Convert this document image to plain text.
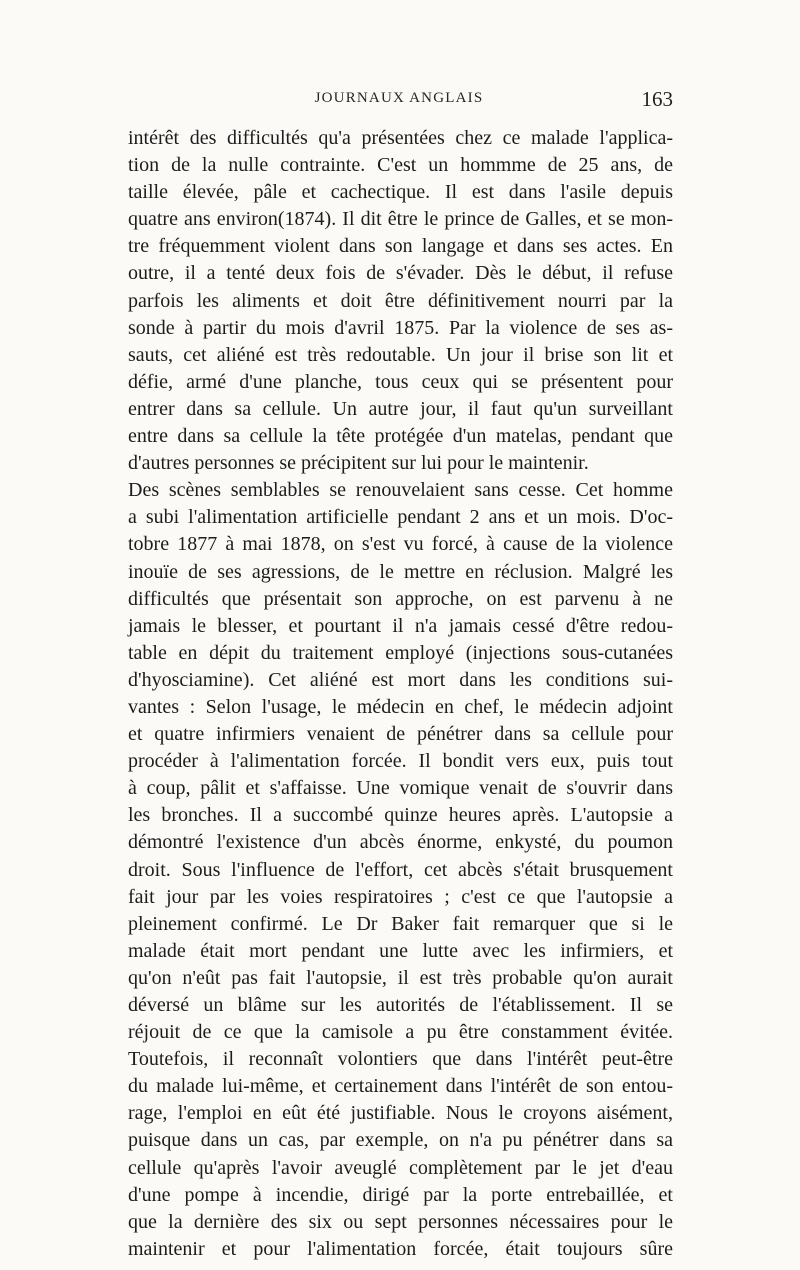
JOURNAUX ANGLAIS	163
intérêt des difficultés qu'a présentées chez ce malade l'applica-
tion de la nulle contrainte. C'est un hommme de 25 ans, de
taille élevée, pâle et cachectique. Il est dans l'asile depuis
quatre ans environ(1874). Il dit être le prince de Galles, et se mon-
tre fréquemment violent dans son langage et dans ses actes. En
outre, il a tenté deux fois de s'évader. Dès le début, il refuse
parfois les aliments et doit être définitivement nourri par la
sonde à partir du mois d'avril 1875. Par la violence de ses as-
sauts, cet aliéné est très redoutable. Un jour il brise son lit et
défie, armé d'une planche, tous ceux qui se présentent pour
entrer dans sa cellule. Un autre jour, il faut qu'un surveillant
entre dans sa cellule la tête protégée d'un matelas, pendant que
d'autres personnes se précipitent sur lui pour le maintenir.
Des scènes semblables se renouvelaient sans cesse. Cet homme
a subi l'alimentation artificielle pendant 2 ans et un mois. D'oc-
tobre 1877 à mai 1878, on s'est vu forcé, à cause de la violence
inouïe de ses agressions, de le mettre en réclusion. Malgré les
difficultés que présentait son approche, on est parvenu à ne
jamais le blesser, et pourtant il n'a jamais cessé d'être redou-
table en dépit du traitement employé (injections sous-cutanées
d'hyosciamine). Cet aliéné est mort dans les conditions sui-
vantes : Selon l'usage, le médecin en chef, le médecin adjoint
et quatre infirmiers venaient de pénétrer dans sa cellule pour
procéder à l'alimentation forcée. Il bondit vers eux, puis tout
à coup, pâlit et s'affaisse. Une vomique venait de s'ouvrir dans
les bronches. Il a succombé quinze heures après. L'autopsie a
démontré l'existence d'un abcès énorme, enkysté, du poumon
droit. Sous l'influence de l'effort, cet abcès s'était brusquement
fait jour par les voies respiratoires ; c'est ce que l'autopsie a
pleinement confirmé. Le Dr Baker fait remarquer que si le
malade était mort pendant une lutte avec les infirmiers, et
qu'on n'eût pas fait l'autopsie, il est très probable qu'on aurait
déversé un blâme sur les autorités de l'établissement. Il se
réjouit de ce que la camisole a pu être constamment évitée.
Toutefois, il reconnaît volontiers que dans l'intérêt peut-être
du malade lui-même, et certainement dans l'intérêt de son entou-
rage, l'emploi en eût été justifiable. Nous le croyons aisément,
puisque dans un cas, par exemple, on n'a pu pénétrer dans sa
cellule qu'après l'avoir aveuglé complètement par le jet d'eau
d'une pompe à incendie, dirigé par la porte entrebaillée, et
que la dernière des six ou sept personnes nécessaires pour le
maintenir et pour l'alimentation forcée, était toujours sûre
